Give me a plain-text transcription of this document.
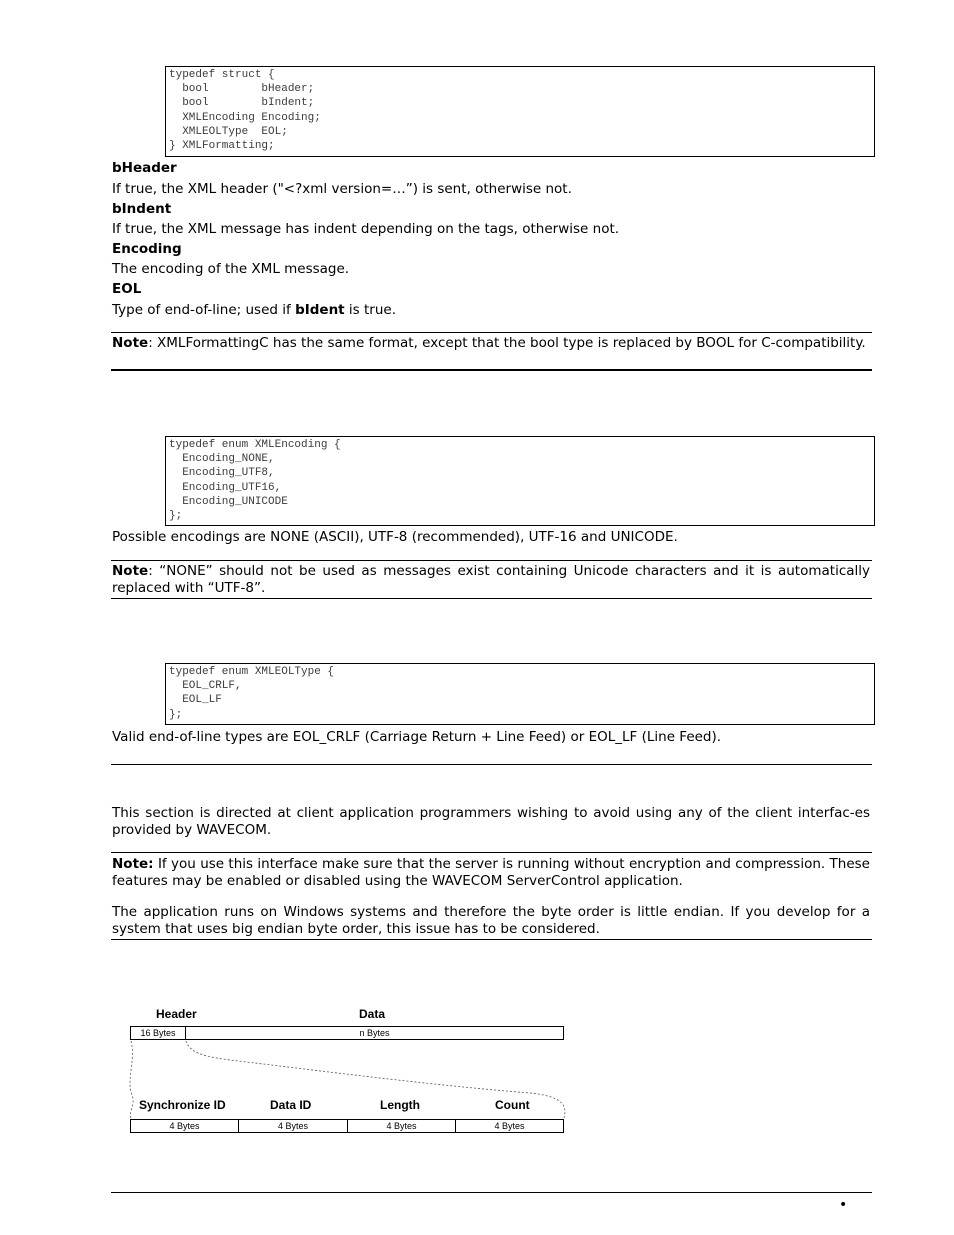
typedef struct {
bool        bHeader;
bool        bIndent;
XMLEncoding Encoding;
XMLEOLType  EOL;
} XMLFormatting;
bHeader
If true, the XML header ("<?xml version=…”) is sent, otherwise not.
bIndent
If true, the XML message has indent depending on the tags, otherwise not.
Encoding
The encoding of the XML message.
EOL
Type of end-of-line; used if bIdent is true.
Note: XMLFormattingC has the same format, except that the bool type is replaced by BOOL for C-compatibility.
typedef enum XMLEncoding {
Encoding_NONE,
Encoding_UTF8,
Encoding_UTF16,
Encoding_UNICODE
};
Possible encodings are NONE (ASCII), UTF-8 (recommended), UTF-16 and UNICODE.
Note: “NONE” should not be used as messages exist containing Unicode characters and it is automatically replaced with “UTF-8”.
typedef enum XMLEOLType {
EOL_CRLF,
EOL_LF
};
Valid end-of-line types are EOL_CRLF (Carriage Return + Line Feed) or EOL_LF (Line Feed).
This section is directed at client application programmers wishing to avoid using any of the client interfac-es provided by WAVECOM.
Note: If you use this interface make sure that the server is running without encryption and compression. These features may be enabled or disabled using the WAVECOM ServerControl application.
The application runs on Windows systems and therefore the byte order is little endian. If you develop for a system that uses big endian byte order, this issue has to be considered.
Header	Data
16 Bytes	n Bytes
Synchronize ID	Data ID	Length	Count
4 Bytes	4 Bytes	4 Bytes	4 Bytes
•
